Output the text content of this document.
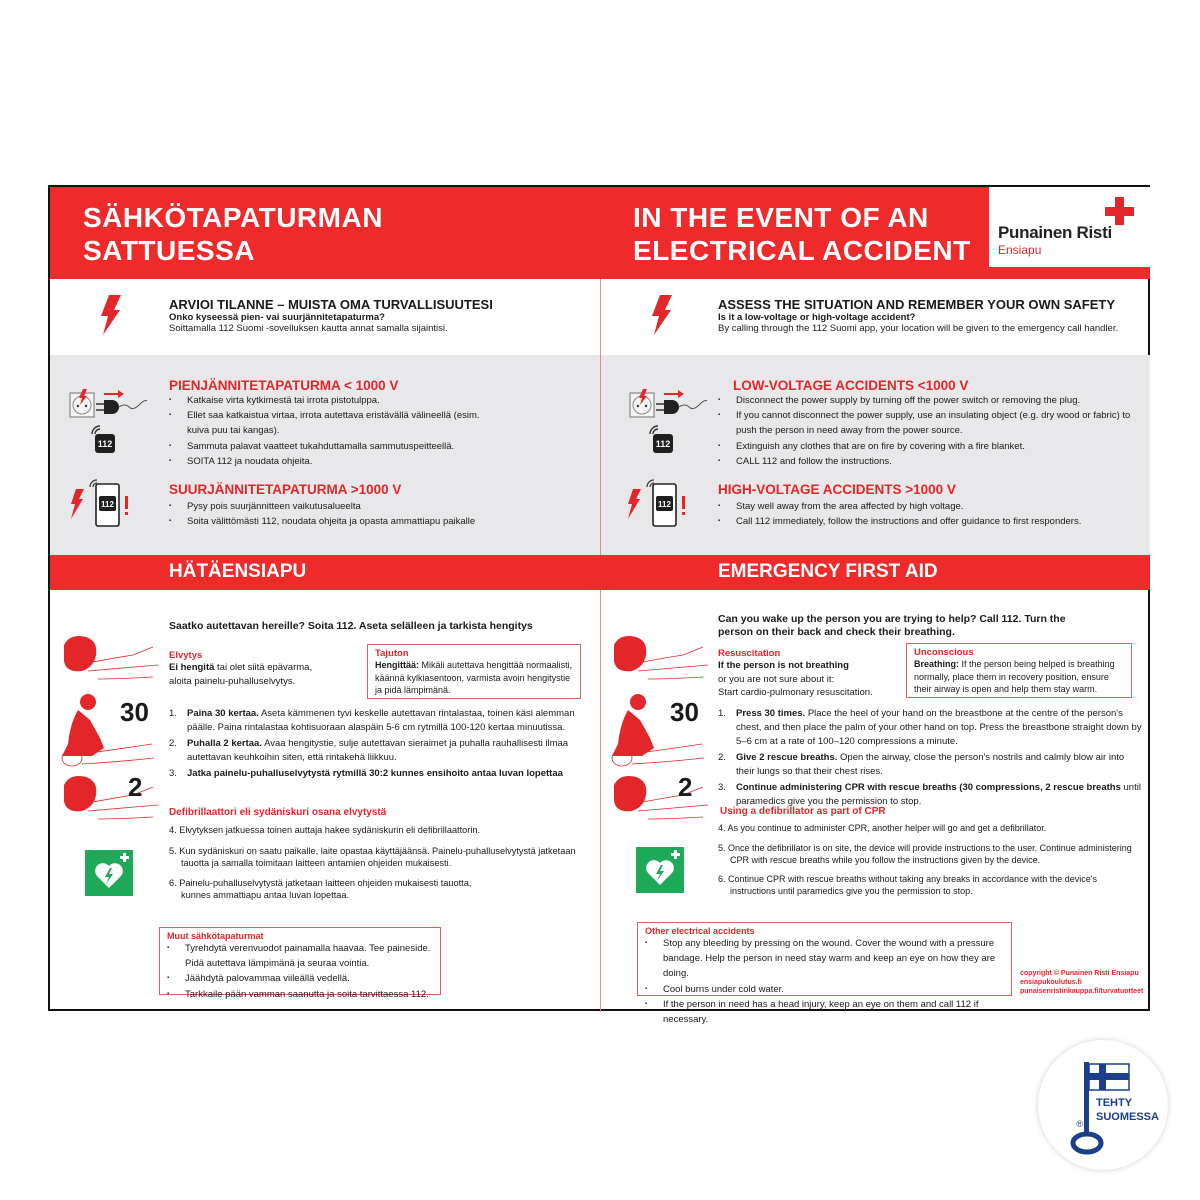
SÄHKÖTAPATURMAN
SATTUESSA
IN THE EVENT OF AN
ELECTRICAL ACCIDENT
Punainen Risti
Ensiapu
ARVIOI TILANNE – MUISTA OMA TURVALLISUUTESI
Onko kyseessä pien- vai suurjännitetapaturma?
Soittamalla 112 Suomi -sovelluksen kautta annat samalla sijaintisi.
ASSESS THE SITUATION AND REMEMBER YOUR OWN SAFETY
Is it a low-voltage or high-voltage accident?
By calling through the 112 Suomi app, your location will be given to the emergency call handler.
112
112
PIENJÄNNITETAPATURMA < 1000 V
▪ Katkaise virta kytkimestä tai irrota pistotulppa.
▪ Ellet saa katkaistua virtaa, irrota autettava eristävällä välineellä (esim. kuiva puu tai kangas).
▪ Sammuta palavat vaatteet tukahduttamalla sammutuspeitteellä.
▪ SOITA 112 ja noudata ohjeita.
SUURJÄNNITETAPATURMA >1000 V
▪ Pysy pois suurjännitteen vaikutusalueelta
▪ Soita välittömästi 112, noudata ohjeita ja opasta ammattiapu paikalle
112
112
LOW-VOLTAGE ACCIDENTS <1000 V
▪ Disconnect the power supply by turning off the power switch or removing the plug.
▪ If you cannot disconnect the power supply, use an insulating object (e.g. dry wood or fabric) to push the person in need away from the power source.
▪ Extinguish any clothes that are on fire by covering with a fire blanket.
▪ CALL 112 and follow the instructions.
HIGH-VOLTAGE ACCIDENTS >1000 V
▪ Stay well away from the area affected by high voltage.
▪ Call 112 immediately, follow the instructions and offer guidance to first responders.
HÄTÄENSIAPU	EMERGENCY FIRST AID
Saatko autettavan hereille? Soita 112. Aseta selälleen ja tarkista hengitys
30
2
Elvytys
Ei hengitä tai olet siitä epävarma,
aloita painelu-puhalluselvytys.
Tajuton
Hengittää: Mikäli autettava hengittää normaalisti, käännä kylkiasentoon, varmista avoin hengitystie ja pidä lämpimänä.
1. Paina 30 kertaa. Aseta kämmenen tyvi keskelle autettavan rintalastaa, toinen käsi alemman päälle. Paina rintalastaa kohtisuoraan alaspäin 5-6 cm rytmillä 100-120 kertaa minuutissa.
2. Puhalla 2 kertaa. Avaa hengitystie, sulje autettavan sieraimet ja puhalla rauhallisesti ilmaa autettavan keuhkoihin siten, että rintakehä liikkuu.
3. Jatka painelu-puhalluselvytystä rytmillä 30:2 kunnes ensihoito antaa luvan lopettaa
Defibrillaattori eli sydäniskuri osana elvytystä
4. Elvytyksen jatkuessa toinen auttaja hakee sydäniskurin eli defibrillaattorin.
5. Kun sydäniskuri on saatu paikalle, laite opastaa käyttäjäänsä. Painelu-puhalluselvytystä jatketaan tauotta ja samalla toimitaan laitteen antamien ohjeiden mukaisesti.
6. Painelu-puhalluselvytystä jatketaan laitteen ohjeiden mukaisesti tauotta, kunnes ammattiapu antaa luvan lopettaa.
Muut sähkötapaturmat
▪ Tyrehdytä verenvuodot painamalla haavaa. Tee paineside. Pidä autettava lämpimänä ja seuraa vointia.
▪ Jäähdytä palovammaa viileällä vedellä.
▪ Tarkkaile pään vamman saanutta ja soita tarvittaessa 112.
Can you wake up the person you are trying to help? Call 112. Turn the person on their back and check their breathing.
30
2
Resuscitation
If the person is not breathing
or you are not sure about it:
Start cardio-pulmonary resuscitation.
Unconscious
Breathing: If the person being helped is breathing normally, place them in recovery position, ensure their airway is open and help them stay warm.
1. Press 30 times. Place the heel of your hand on the breastbone at the centre of the person's chest, and then place the palm of your other hand on top. Press the breastbone straight down by 5–6 cm at a rate of 100–120 compressions a minute.
2. Give 2 rescue breaths. Open the airway, close the person's nostrils and calmly blow air into their lungs so that their chest rises.
3. Continue administering CPR with rescue breaths (30 compressions, 2 rescue breaths until paramedics give you the permission to stop.
Using a defibrillator as part of CPR
4. As you continue to administer CPR, another helper will go and get a defibrillator.
5. Once the defibrillator is on site, the device will provide instructions to the user. Continue administering CPR with rescue breaths while you follow the instructions given by the device.
6. Continue CPR with rescue breaths without taking any breaks in accordance with the device's instructions until paramedics give you the permission to stop.
Other electrical accidents
▪ Stop any bleeding by pressing on the wound. Cover the wound with a pressure bandage. Help the person in need stay warm and keep an eye on how they are doing.
▪ Cool burns under cold water.
▪ If the person in need has a head injury, keep an eye on them and call 112 if necessary.
copyright © Punainen Risti Ensiapu
ensiapukoulutus.fi
punaisenristinkauppa.fi/turvatuotteet
®
TEHTY
SUOMESSA
